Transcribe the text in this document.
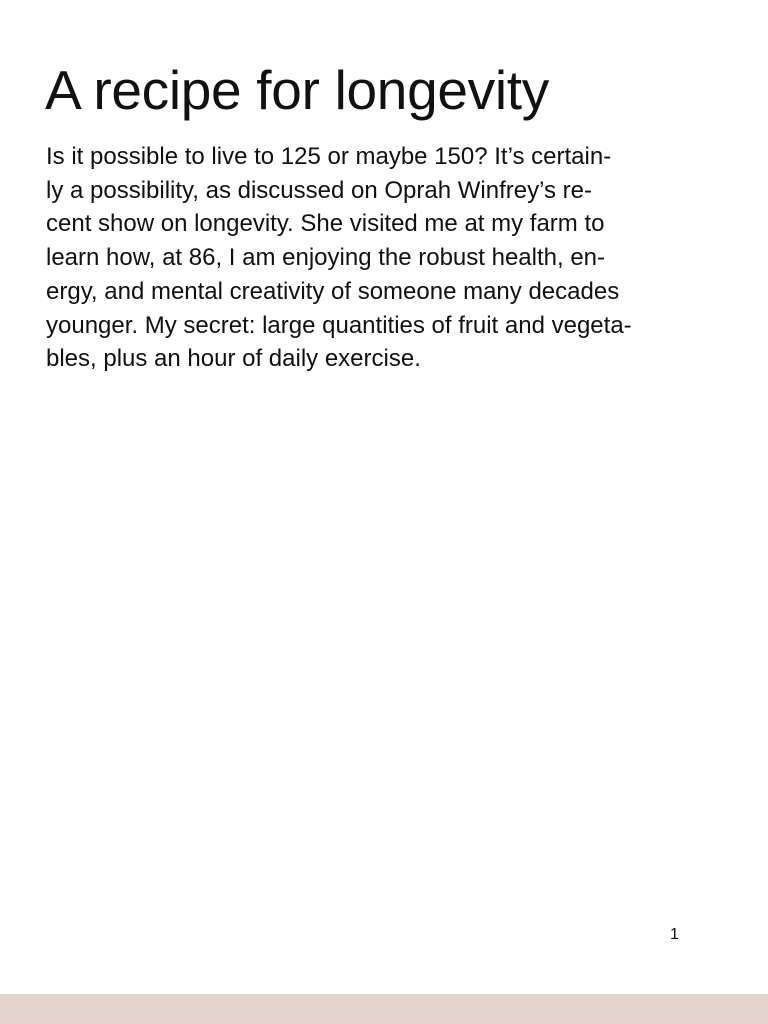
A recipe for longevity
Is it possible to live to 125 or maybe 150? It’s certain-
ly a possibility, as discussed on Oprah Winfrey’s re-
cent show on longevity. She visited me at my farm to
learn how, at 86, I am enjoying the robust health, en-
ergy, and mental creativity of someone many decades
younger. My secret: large quantities of fruit and vegeta-
bles, plus an hour of daily exercise.
1
